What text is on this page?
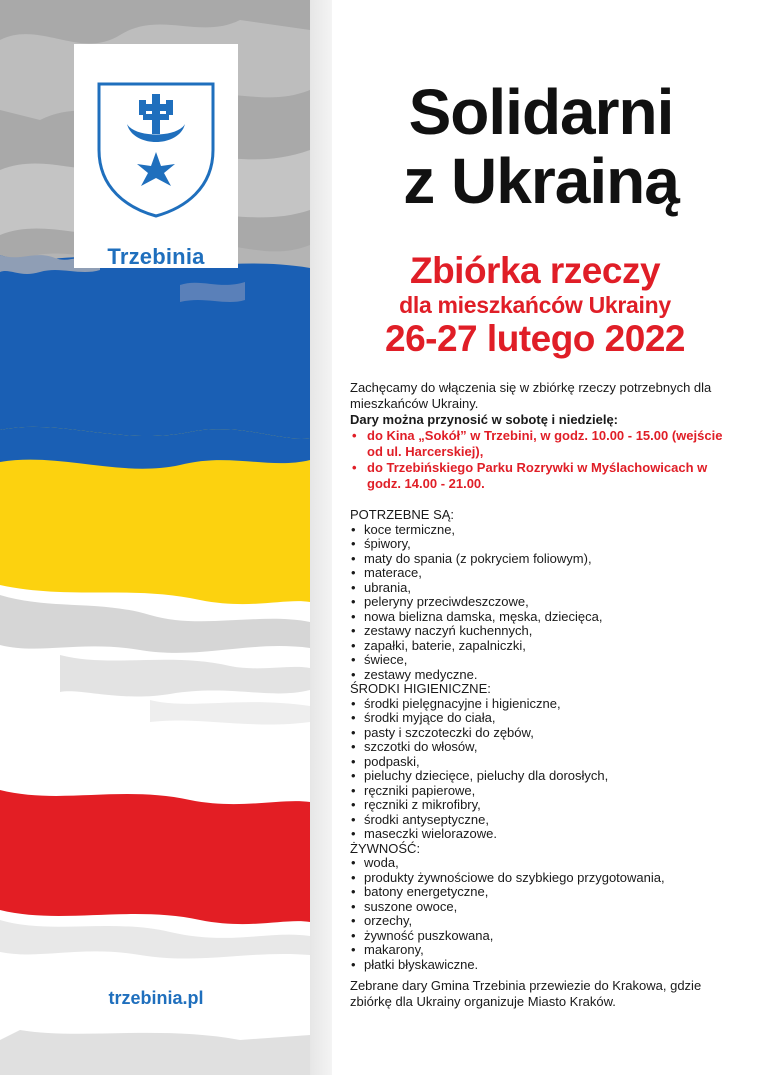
Trzebinia
trzebinia.pl
Solidarni
z Ukrainą
Zbiórka rzeczy
dla mieszkańców Ukrainy
26-27 lutego 2022

Zachęcamy do włączenia się w zbiórkę rzeczy potrzebnych dla mieszkańców Ukrainy.

Dary można przynosić w sobotę i niedzielę:

• do Kina „Sokół” w Trzebini, w godz. 10.00 - 15.00 (wejście od ul. Harcerskiej),
• do Trzebińskiego Parku Rozrywki w Myślachowicach w godz. 14.00 - 21.00.
POTRZEBNE SĄ:
• koce termiczne,
• śpiwory,
• maty do spania (z pokryciem foliowym),
• materace,
• ubrania,
• peleryny przeciwdeszczowe,
• nowa bielizna damska, męska, dziecięca,
• zestawy naczyń kuchennych,
• zapałki, baterie, zapalniczki,
• świece,
• zestawy medyczne.
ŚRODKI HIGIENICZNE:
• środki pielęgnacyjne i higieniczne,
• środki myjące do ciała,
• pasty i szczoteczki do zębów,
• szczotki do włosów,
• podpaski,
• pieluchy dziecięce, pieluchy dla dorosłych,
• ręczniki papierowe,
• ręczniki z mikrofibry,
• środki antyseptyczne,
• maseczki wielorazowe.
ŻYWNOŚĆ:
• woda,
• produkty żywnościowe do szybkiego przygotowania,
• batony energetyczne,
• suszone owoce,
• orzechy,
• żywność puszkowana,
• makarony,
• płatki błyskawiczne.

Zebrane dary Gmina Trzebinia przewiezie do Krakowa, gdzie zbiórkę dla Ukrainy organizuje Miasto Kraków.
